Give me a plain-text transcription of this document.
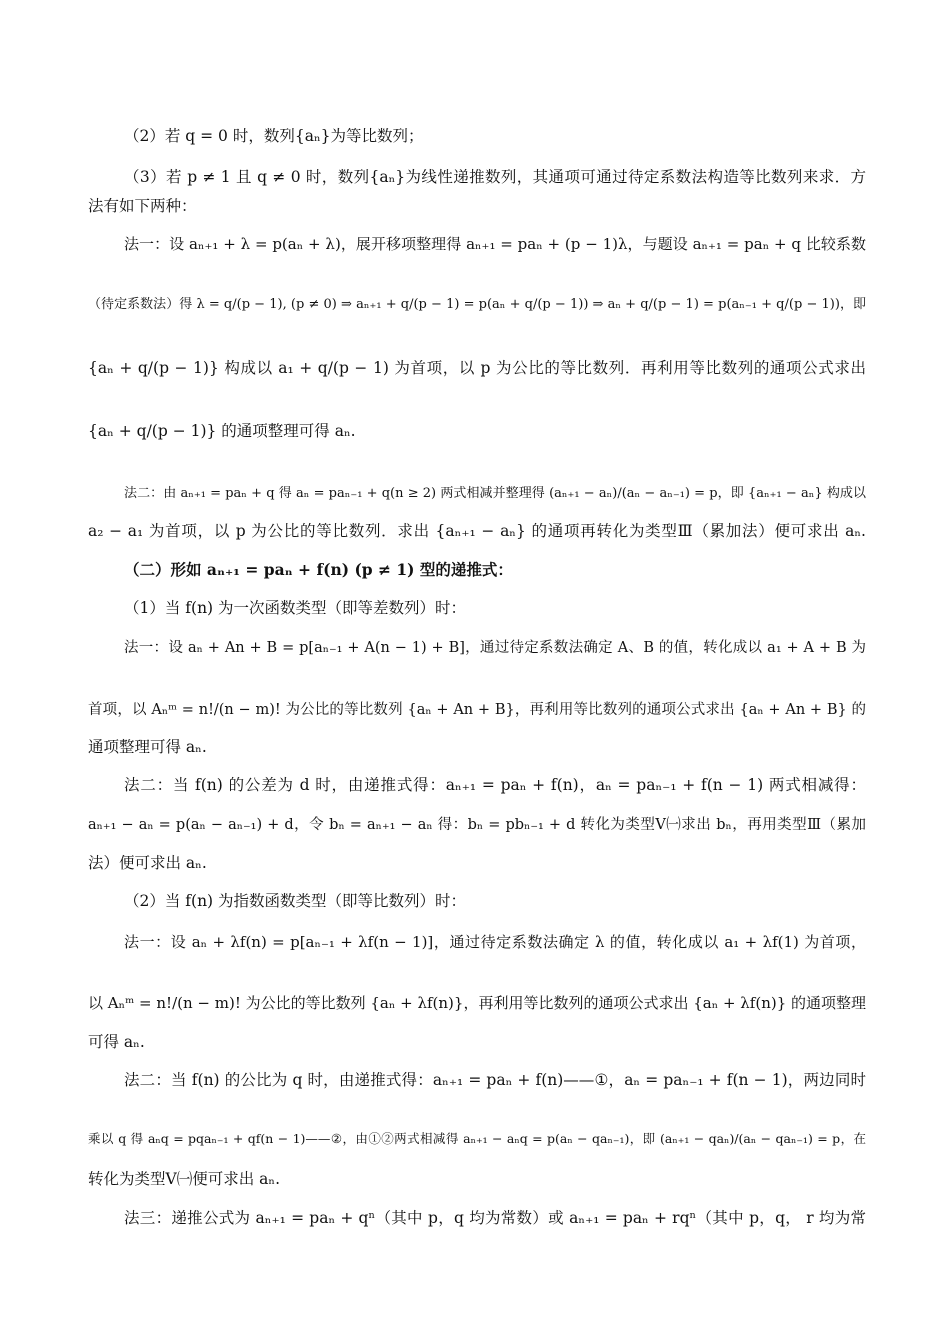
（2）若 q = 0 时，数列{aₙ}为等比数列；
（3）若 p ≠ 1 且 q ≠ 0 时，数列{aₙ}为线性递推数列，其通项可通过待定系数法构造等比数列来求．方
法有如下两种：
法一：设 aₙ₊₁ + λ = p(aₙ + λ)，展开移项整理得 aₙ₊₁ = paₙ + (p − 1)λ，与题设 aₙ₊₁ = paₙ + q 比较系数
（待定系数法）得 λ = q/(p − 1), (p ≠ 0) ⇒ aₙ₊₁ + q/(p − 1) = p(aₙ + q/(p − 1)) ⇒ aₙ + q/(p − 1) = p(aₙ₋₁ + q/(p − 1))，即
{aₙ + q/(p − 1)} 构成以 a₁ + q/(p − 1) 为首项，以 p 为公比的等比数列．再利用等比数列的通项公式求出
{aₙ + q/(p − 1)} 的通项整理可得 aₙ.
法二：由 aₙ₊₁ = paₙ + q 得 aₙ = paₙ₋₁ + q(n ≥ 2) 两式相减并整理得 (aₙ₊₁ − aₙ)/(aₙ − aₙ₋₁) = p，即 {aₙ₊₁ − aₙ} 构成以
a₂ − a₁ 为首项，以 p 为公比的等比数列．求出 {aₙ₊₁ − aₙ} 的通项再转化为类型Ⅲ（累加法）便可求出 aₙ.
（二）形如 aₙ₊₁ = paₙ + f(n) (p ≠ 1) 型的递推式：
（1）当 f(n) 为一次函数类型（即等差数列）时：
法一：设 aₙ + An + B = p[aₙ₋₁ + A(n − 1) + B]，通过待定系数法确定 A、B 的值，转化成以 a₁ + A + B 为
首项，以 Aₙᵐ = n!/(n − m)! 为公比的等比数列 {aₙ + An + B}，再利用等比数列的通项公式求出 {aₙ + An + B} 的
通项整理可得 aₙ.
法二：当 f(n) 的公差为 d 时，由递推式得：aₙ₊₁ = paₙ + f(n)，aₙ = paₙ₋₁ + f(n − 1) 两式相减得：
aₙ₊₁ − aₙ = p(aₙ − aₙ₋₁) + d，令 bₙ = aₙ₊₁ − aₙ 得：bₙ = pbₙ₋₁ + d 转化为类型Ⅴ㈠求出 bₙ，再用类型Ⅲ（累加
法）便可求出 aₙ.
（2）当 f(n) 为指数函数类型（即等比数列）时：
法一：设 aₙ + λf(n) = p[aₙ₋₁ + λf(n − 1)]，通过待定系数法确定 λ 的值，转化成以 a₁ + λf(1) 为首项，
以 Aₙᵐ = n!/(n − m)! 为公比的等比数列 {aₙ + λf(n)}，再利用等比数列的通项公式求出 {aₙ + λf(n)} 的通项整理
可得 aₙ.
法二：当 f(n) 的公比为 q 时，由递推式得：aₙ₊₁ = paₙ + f(n)——①，aₙ = paₙ₋₁ + f(n − 1)，两边同时
乘以 q 得 aₙq = pqaₙ₋₁ + qf(n − 1)——②，由①②两式相减得 aₙ₊₁ − aₙq = p(aₙ − qaₙ₋₁)，即 (aₙ₊₁ − qaₙ)/(aₙ − qaₙ₋₁) = p，在
转化为类型Ⅴ㈠便可求出 aₙ.
法三：递推公式为 aₙ₊₁ = paₙ + qⁿ（其中 p，q 均为常数）或 aₙ₊₁ = paₙ + rqⁿ（其中 p，q， r 均为常
